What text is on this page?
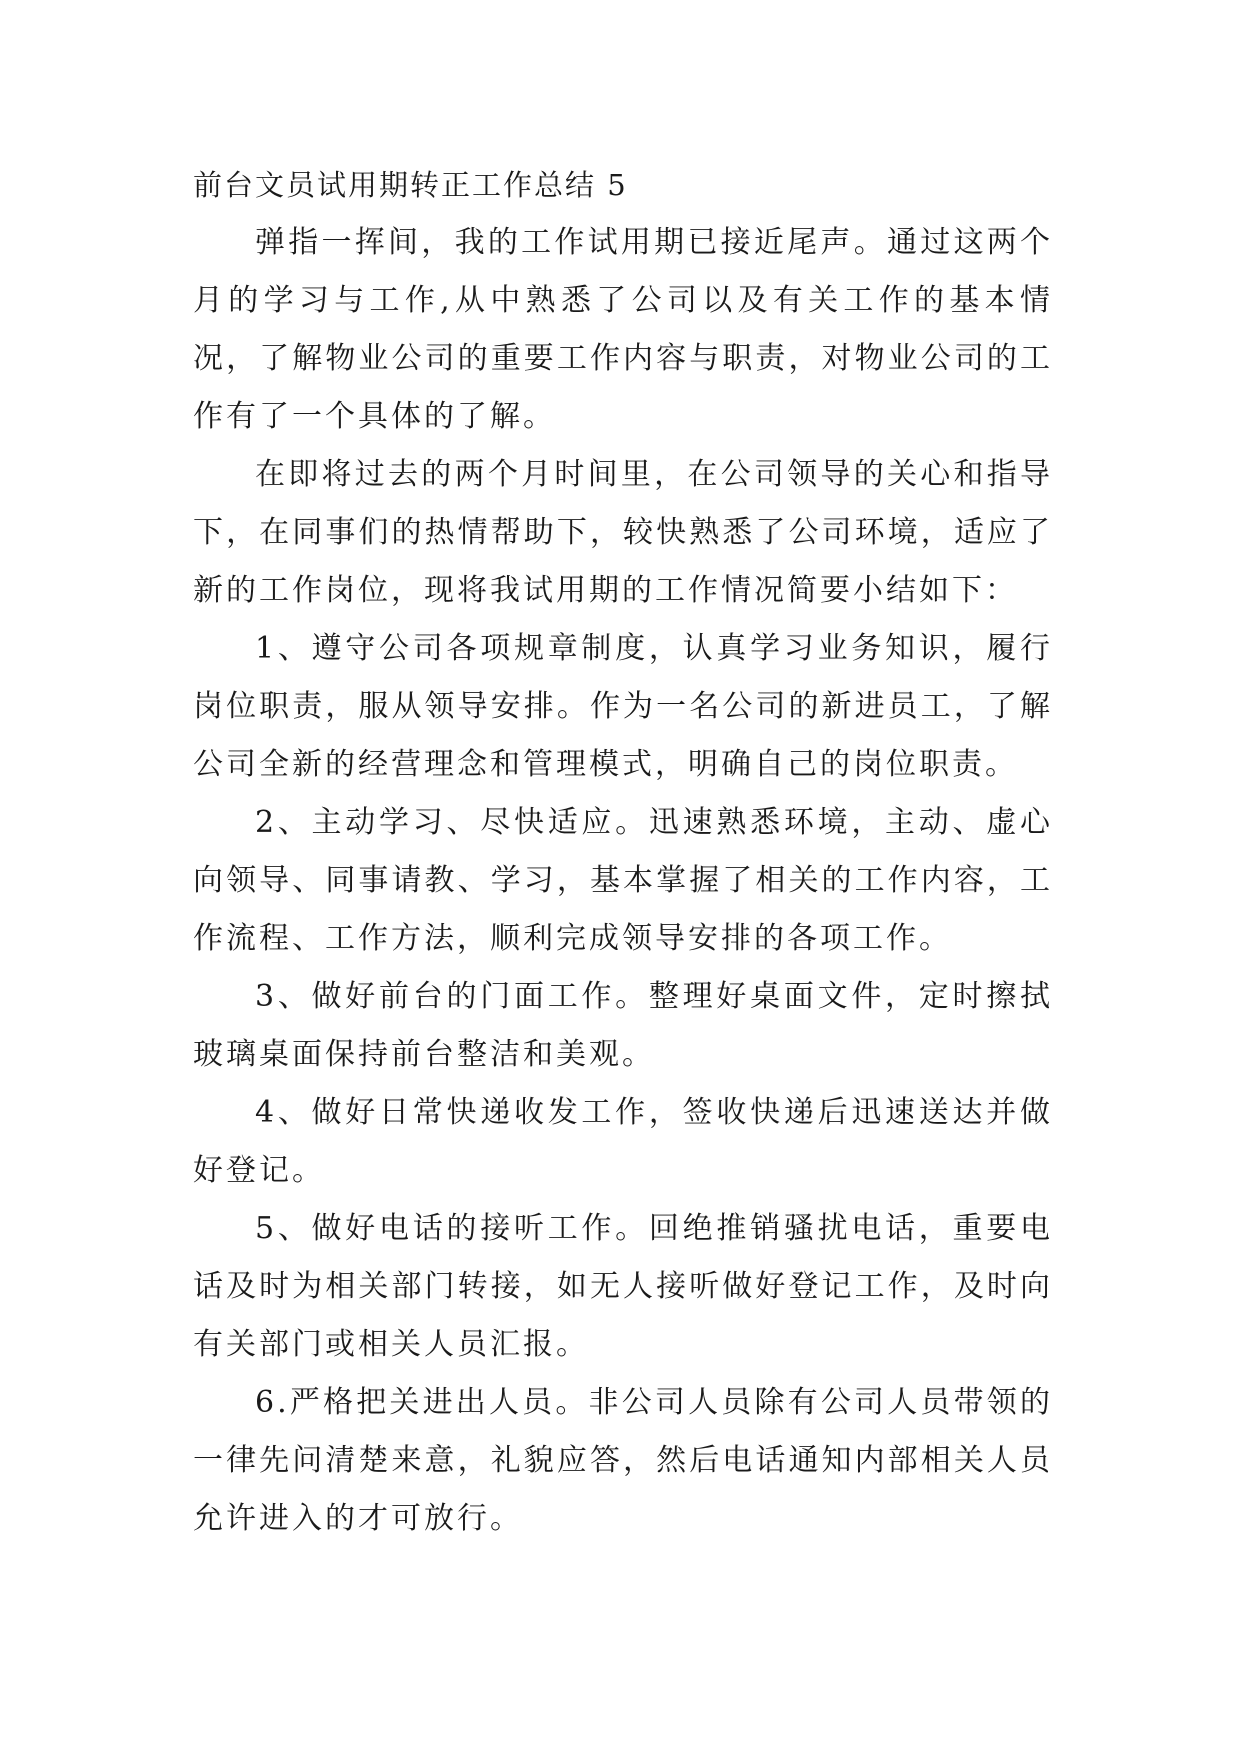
前台文员试用期转正工作总结 5

弹指一挥间，我的工作试用期已接近尾声。通过这两个月的学习与工作,从中熟悉了公司以及有关工作的基本情况，了解物业公司的重要工作内容与职责，对物业公司的工作有了一个具体的了解。

在即将过去的两个月时间里，在公司领导的关心和指导下，在同事们的热情帮助下，较快熟悉了公司环境，适应了新的工作岗位，现将我试用期的工作情况简要小结如下：

1、遵守公司各项规章制度，认真学习业务知识，履行岗位职责，服从领导安排。作为一名公司的新进员工，了解公司全新的经营理念和管理模式，明确自己的岗位职责。

2、主动学习、尽快适应。迅速熟悉环境，主动、虚心向领导、同事请教、学习，基本掌握了相关的工作内容，工作流程、工作方法，顺利完成领导安排的各项工作。

3、做好前台的门面工作。整理好桌面文件，定时擦拭玻璃桌面保持前台整洁和美观。

4、做好日常快递收发工作，签收快递后迅速送达并做好登记。

5、做好电话的接听工作。回绝推销骚扰电话，重要电话及时为相关部门转接，如无人接听做好登记工作，及时向有关部门或相关人员汇报。

6.严格把关进出人员。非公司人员除有公司人员带领的一律先问清楚来意，礼貌应答，然后电话通知内部相关人员允许进入的才可放行。
